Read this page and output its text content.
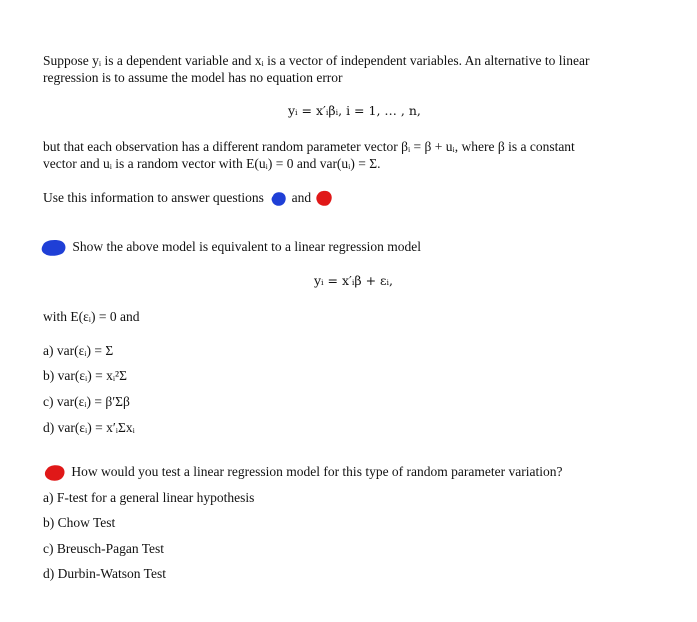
Suppose yᵢ is a dependent variable and xᵢ is a vector of independent variables. An alternative to linear
regression is to assume the model has no equation error
yᵢ = x′ᵢβᵢ, i = 1, … , n,
but that each observation has a different random parameter vector βᵢ = β + uᵢ, where β is a constant
vector and uᵢ is a random vector with E(uᵢ) = 0 and var(uᵢ) = Σ.
Use this information to answer questions and
Show the above model is equivalent to a linear regression model
yᵢ = x′ᵢβ + εᵢ,
with E(εᵢ) = 0 and
a) var(εᵢ) = Σ
b) var(εᵢ) = xᵢ²Σ
c) var(εᵢ) = β′Σβ
d) var(εᵢ) = x′ᵢΣxᵢ
How would you test a linear regression model for this type of random parameter variation?
a) F-test for a general linear hypothesis
b) Chow Test
c) Breusch-Pagan Test
d) Durbin-Watson Test
